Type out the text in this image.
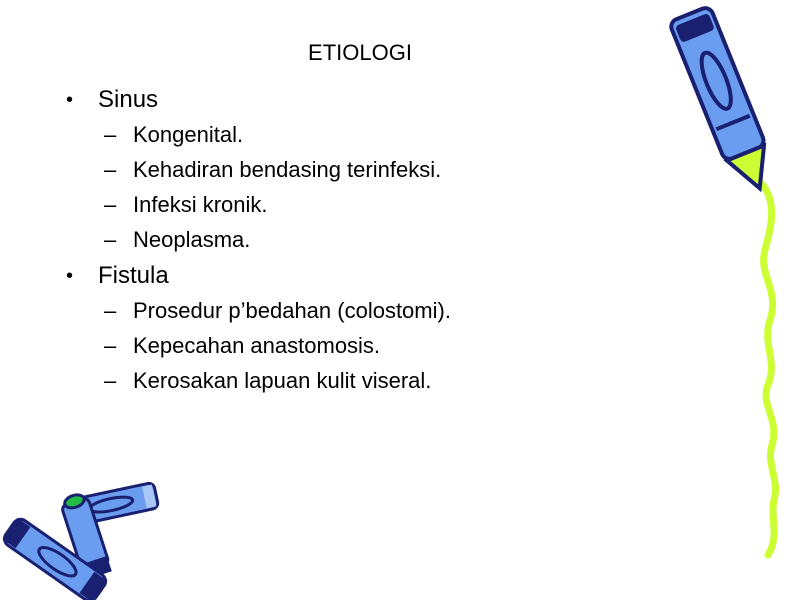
ETIOLOGI
• Sinus
– Kongenital.
– Kehadiran bendasing terinfeksi.
– Infeksi kronik.
– Neoplasma.
• Fistula
– Prosedur p’bedahan (colostomi).
– Kepecahan anastomosis.
– Kerosakan lapuan kulit viseral.
